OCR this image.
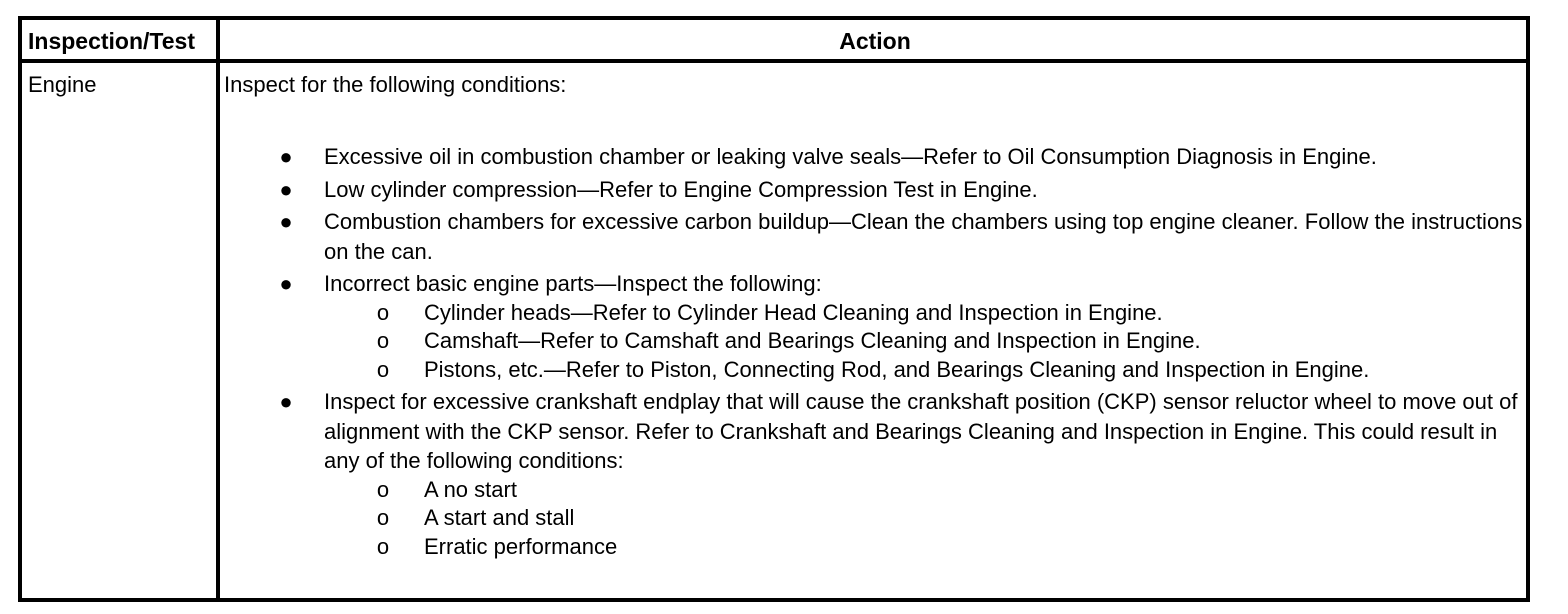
Inspection/Test	Action
Engine	Inspect for the following conditions:
● Excessive oil in combustion chamber or leaking valve seals—Refer to Oil Consumption Diagnosis in Engine.
● Low cylinder compression—Refer to Engine Compression Test in Engine.
● Combustion chambers for excessive carbon buildup—Clean the chambers using top engine cleaner. Follow the instructions on the can.
● Incorrect basic engine parts—Inspect the following:
o Cylinder heads—Refer to Cylinder Head Cleaning and Inspection in Engine.
o Camshaft—Refer to Camshaft and Bearings Cleaning and Inspection in Engine.
o Pistons, etc.—Refer to Piston, Connecting Rod, and Bearings Cleaning and Inspection in Engine.
● Inspect for excessive crankshaft endplay that will cause the crankshaft position (CKP) sensor reluctor wheel to move out of alignment with the CKP sensor. Refer to Crankshaft and Bearings Cleaning and Inspection in Engine. This could result in any of the following conditions:
o A no start
o A start and stall
o Erratic performance
